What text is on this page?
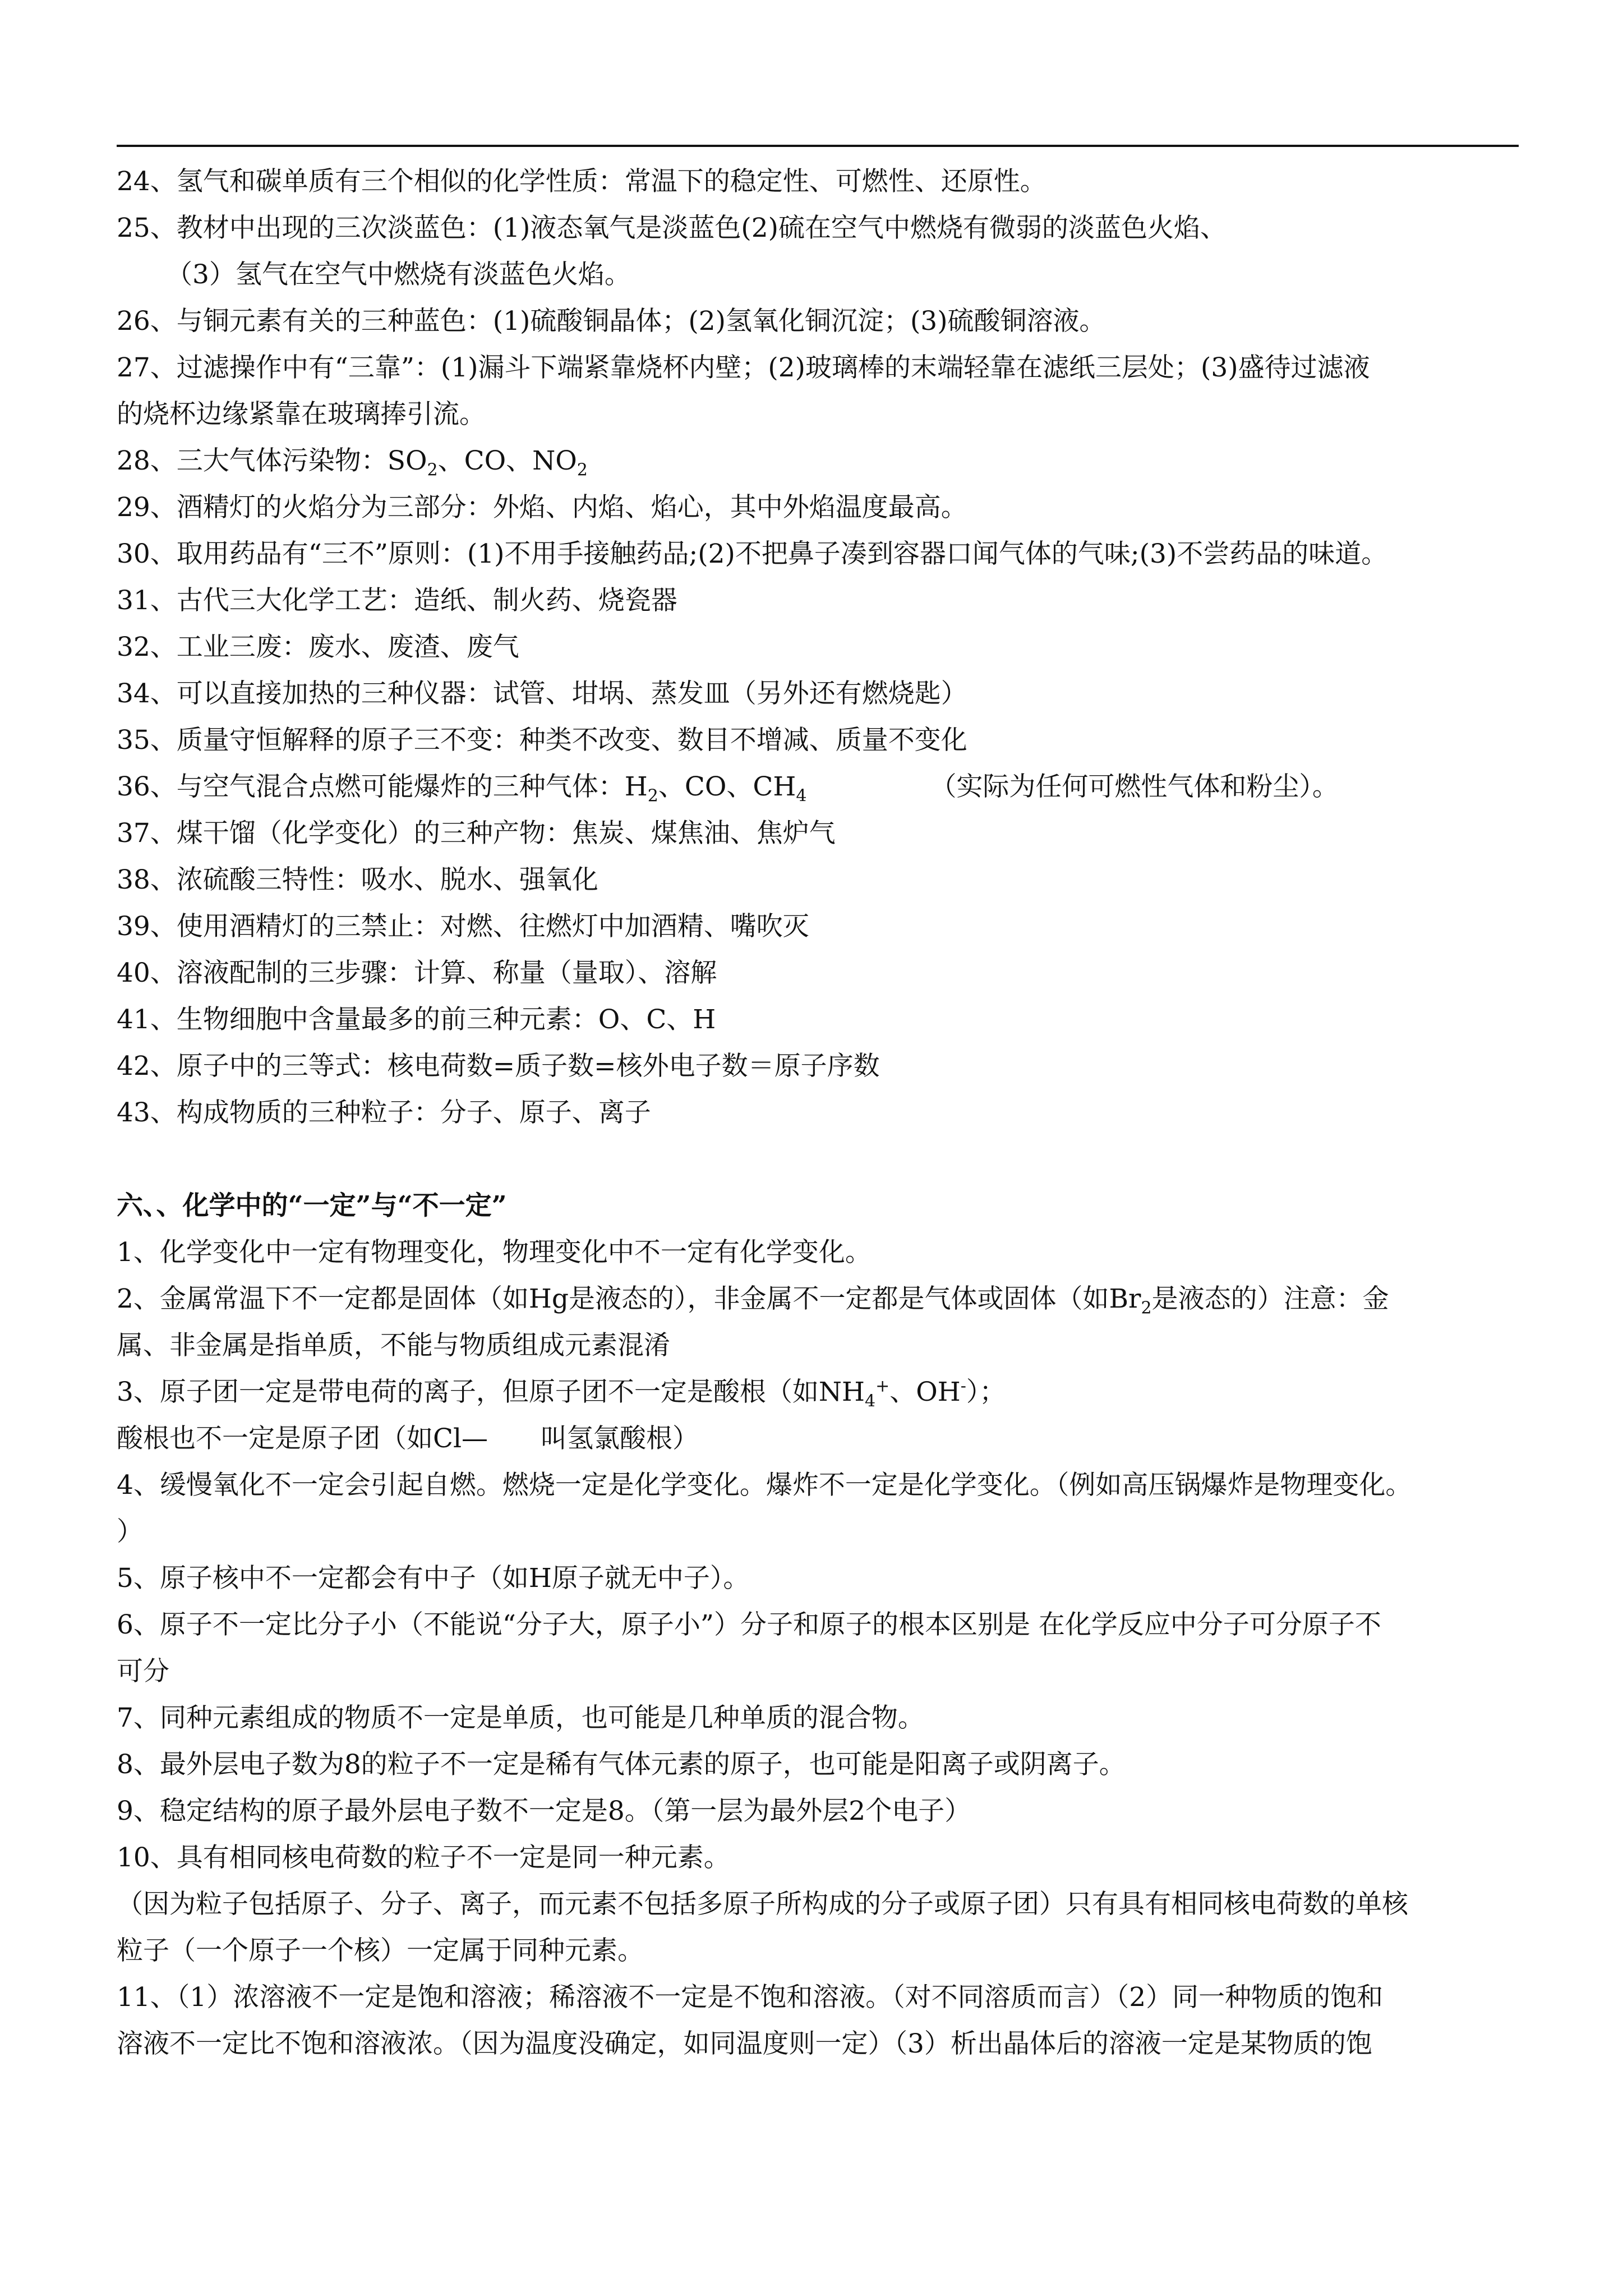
24、氢气和碳单质有三个相似的化学性质：常温下的稳定性、可燃性、还原性。
25、教材中出现的三次淡蓝色：(1)液态氧气是淡蓝色(2)硫在空气中燃烧有微弱的淡蓝色火焰、
（3）氢气在空气中燃烧有淡蓝色火焰。
26、与铜元素有关的三种蓝色：(1)硫酸铜晶体；(2)氢氧化铜沉淀；(3)硫酸铜溶液。
27、过滤操作中有“三靠”：(1)漏斗下端紧靠烧杯内壁；(2)玻璃棒的末端轻靠在滤纸三层处；(3)盛待过滤液
的烧杯边缘紧靠在玻璃捧引流。
28、三大气体污染物：$SO_2$、CO、$NO_2$
29、酒精灯的火焰分为三部分：外焰、内焰、焰心，其中外焰温度最高。
30、取用药品有“三不”原则：(1)不用手接触药品;(2)不把鼻子凑到容器口闻气体的气味;(3)不尝药品的味道。
31、古代三大化学工艺：造纸、制火药、烧瓷器
32、工业三废：废水、废渣、废气
34、可以直接加热的三种仪器：试管、坩埚、蒸发皿（另外还有燃烧匙）
35、质量守恒解释的原子三不变：种类不改变、数目不增减、质量不变化
36、与空气混合点燃可能爆炸的三种气体：$H_2$、CO、$CH_4$	（实际为任何可燃性气体和粉尘）。
37、煤干馏（化学变化）的三种产物：焦炭、煤焦油、焦炉气
38、浓硫酸三特性：吸水、脱水、强氧化
39、使用酒精灯的三禁止：对燃、往燃灯中加酒精、嘴吹灭
40、溶液配制的三步骤：计算、称量（量取）、溶解
41、生物细胞中含量最多的前三种元素：O、C、H
42、原子中的三等式：核电荷数=质子数=核外电子数＝原子序数
43、构成物质的三种粒子：分子、原子、离子
六、、化学中的“一定”与“不一定”
1、化学变化中一定有物理变化，物理变化中不一定有化学变化。
2、金属常温下不一定都是固体（如Hg是液态的），非金属不一定都是气体或固体（如$Br_2$是液态的）注意：金
属、非金属是指单质，不能与物质组成元素混淆
3、原子团一定是带电荷的离子，但原子团不一定是酸根（如$NH_4^+$、OH-）；
酸根也不一定是原子团（如Cl—　　叫氢氯酸根）
4、缓慢氧化不一定会引起自燃。燃烧一定是化学变化。爆炸不一定是化学变化。（例如高压锅爆炸是物理变化。
）
5、原子核中不一定都会有中子（如H原子就无中子）。
6、原子不一定比分子小（不能说“分子大，原子小”）分子和原子的根本区别是 在化学反应中分子可分原子不
可分
7、同种元素组成的物质不一定是单质，也可能是几种单质的混合物。
8、最外层电子数为8的粒子不一定是稀有气体元素的原子，也可能是阳离子或阴离子。
9、稳定结构的原子最外层电子数不一定是8。（第一层为最外层2个电子）
10、具有相同核电荷数的粒子不一定是同一种元素。
（因为粒子包括原子、分子、离子，而元素不包括多原子所构成的分子或原子团）只有具有相同核电荷数的单核
粒子（一个原子一个核）一定属于同种元素。
11、（1）浓溶液不一定是饱和溶液；稀溶液不一定是不饱和溶液。（对不同溶质而言）（2）同一种物质的饱和
溶液不一定比不饱和溶液浓。（因为温度没确定，如同温度则一定）（3）析出晶体后的溶液一定是某物质的饱
